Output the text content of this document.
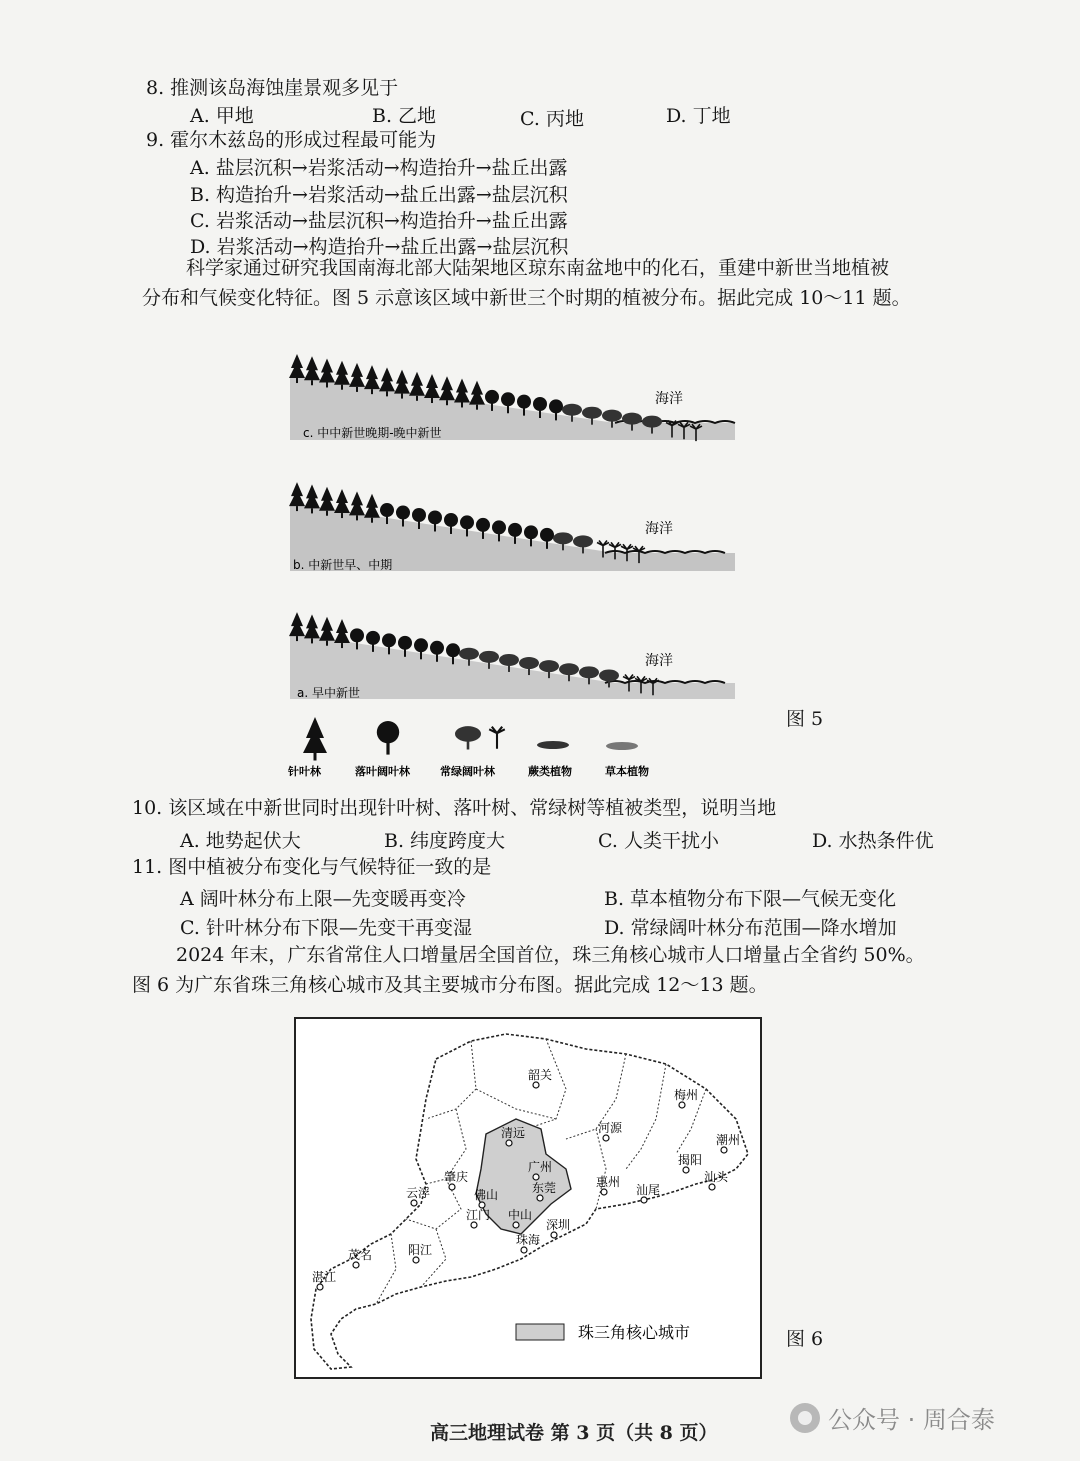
8. 推测该岛海蚀崖景观多见于
A. 甲地	B. 乙地	C. 丙地	D. 丁地
9. 霍尔木兹岛的形成过程最可能为
A. 盐层沉积→岩浆活动→构造抬升→盐丘出露
B. 构造抬升→岩浆活动→盐丘出露→盐层沉积
C. 岩浆活动→盐层沉积→构造抬升→盐丘出露
D. 岩浆活动→构造抬升→盐丘出露→盐层沉积
科学家通过研究我国南海北部大陆架地区琼东南盆地中的化石，重建中新世当地植被
分布和气候变化特征。图 5 示意该区域中新世三个时期的植被分布。据此完成 10～11 题。
海洋
c. 中中新世晚期-晚中新世
海洋
b. 中新世早、中期
海洋
a. 早中新世
针叶林	落叶阔叶林	常绿阔叶林	蕨类植物	草本植物
图 5
10. 该区域在中新世同时出现针叶树、落叶树、常绿树等植被类型，说明当地
A. 地势起伏大	B. 纬度跨度大	C. 人类干扰小	D. 水热条件优
11. 图中植被分布变化与气候特征一致的是
A 阔叶林分布上限—先变暖再变冷	B. 草本植物分布下限—气候无变化
C. 针叶林分布下限—先变干再变湿	D. 常绿阔叶林分布范围—降水增加
2024 年末，广东省常住人口增量居全国首位，珠三角核心城市人口增量占全省约 50%。
图 6 为广东省珠三角核心城市及其主要城市分布图。据此完成 12～13 题。
韶关
梅州
清远	河源
潮州
揭阳
肇庆
广州
惠州	汕头
云浮	佛山	东莞	汕尾
江门 中山
深圳
珠海
茂名	阳江
湛江
珠三角核心城市	图 6
高三地理试卷 第 3 页（共 8 页）	公众号 · 周合泰
